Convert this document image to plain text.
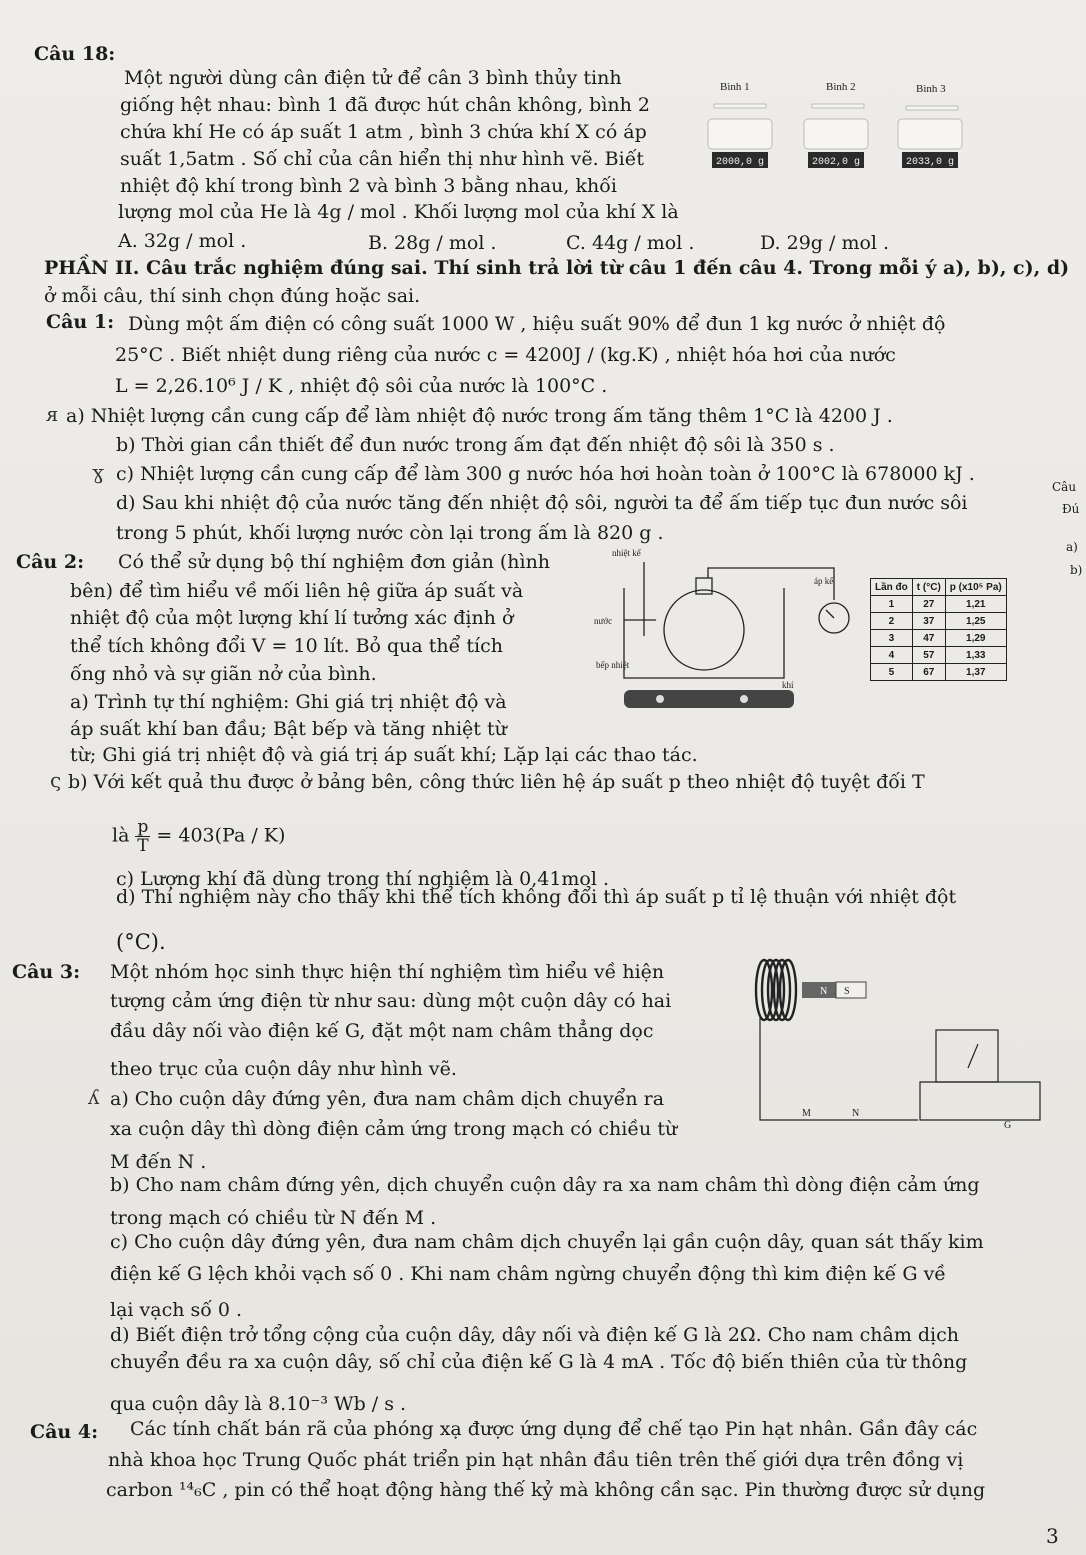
Câu 18:
Một người dùng cân điện tử để cân 3 bình thủy tinh
giống hệt nhau: bình 1 đã được hút chân không, bình 2
chứa khí He có áp suất 1 atm , bình 3 chứa khí X có áp
suất 1,5atm . Số chỉ của cân hiển thị như hình vẽ. Biết
nhiệt độ khí trong bình 2 và bình 3 bằng nhau, khối
lượng mol của He là 4g / mol . Khối lượng mol của khí X là
A. 32g / mol .	B. 28g / mol .	C. 44g / mol .	D. 29g / mol .
Bình 1	Bình 2	Bình 3
2000,0 g	2002,0 g	2033,0 g
PHẦN II. Câu trắc nghiệm đúng sai. Thí sinh trả lời từ câu 1 đến câu 4. Trong mỗi ý a), b), c), d)
ở mỗi câu, thí sinh chọn đúng hoặc sai.
Câu 1: Dùng một ấm điện có công suất 1000 W , hiệu suất 90% để đun 1 kg nước ở nhiệt độ
25°C . Biết nhiệt dung riêng của nước c = 4200J / (kg.K) , nhiệt hóa hơi của nước
L = 2,26.10⁶ J / K , nhiệt độ sôi của nước là 100°C .
ᴙ a) Nhiệt lượng cần cung cấp để làm nhiệt độ nước trong ấm tăng thêm 1°C là 4200 J .
b) Thời gian cần thiết để đun nước trong ấm đạt đến nhiệt độ sôi là 350 s .
ɣ c) Nhiệt lượng cần cung cấp để làm 300 g nước hóa hơi hoàn toàn ở 100°C là 678000 kJ .
d) Sau khi nhiệt độ của nước tăng đến nhiệt độ sôi, người ta để ấm tiếp tục đun nước sôi
trong 5 phút, khối lượng nước còn lại trong ấm là 820 g .
Câu 2: Có thể sử dụng bộ thí nghiệm đơn giản (hình
bên) để tìm hiểu về mối liên hệ giữa áp suất và
nhiệt độ của một lượng khí lí tưởng xác định ở
thể tích không đổi V = 10 lít. Bỏ qua thể tích
ống nhỏ và sự giãn nở của bình.
a) Trình tự thí nghiệm: Ghi giá trị nhiệt độ và
áp suất khí ban đầu; Bật bếp và tăng nhiệt từ
từ; Ghi giá trị nhiệt độ và giá trị áp suất khí; Lặp lại các thao tác.
ς b) Với kết quả thu được ở bảng bên, công thức liên hệ áp suất p theo nhiệt độ tuyệt đối T
là $\frac{p}{T} = 403(Pa / K)$
c) Lượng khí đã dùng trong thí nghiệm là 0,41mol .
d) Thí nghiệm này cho thấy khi thể tích không đổi thì áp suất p tỉ lệ thuận với nhiệt đột
(°C).
nhiệt kế
nước
bếp nhiệt
áp kế
khí
Lần đo	t (°C)	p (x10⁵ Pa)
1	27	1,21
2	37	1,25
3	47	1,29
4	57	1,33
5	67	1,37
Câu 3: Một nhóm học sinh thực hiện thí nghiệm tìm hiểu về hiện
tượng cảm ứng điện từ như sau: dùng một cuộn dây có hai
đầu dây nối vào điện kế G, đặt một nam châm thẳng dọc
theo trục của cuộn dây như hình vẽ.
ʎ a) Cho cuộn dây đứng yên, đưa nam châm dịch chuyển ra
xa cuộn dây thì dòng điện cảm ứng trong mạch có chiều từ
M đến N .
b) Cho nam châm đứng yên, dịch chuyển cuộn dây ra xa nam châm thì dòng điện cảm ứng
trong mạch có chiều từ N đến M .
c) Cho cuộn dây đứng yên, đưa nam châm dịch chuyển lại gần cuộn dây, quan sát thấy kim
điện kế G lệch khỏi vạch số 0 . Khi nam châm ngừng chuyển động thì kim điện kế G về
lại vạch số 0 .
d) Biết điện trở tổng cộng của cuộn dây, dây nối và điện kế G là 2Ω. Cho nam châm dịch
chuyển đều ra xa cuộn dây, số chỉ của điện kế G là 4 mA . Tốc độ biến thiên của từ thông
qua cuộn dây là 8.10⁻³ Wb / s .
N S
M	N
G
Câu 4: Các tính chất bán rã của phóng xạ được ứng dụng để chế tạo Pin hạt nhân. Gần đây các
nhà khoa học Trung Quốc phát triển pin hạt nhân đầu tiên trên thế giới dựa trên đồng vị
carbon ¹⁴₆C , pin có thể hoạt động hàng thế kỷ mà không cần sạc. Pin thường được sử dụng
Câu
Đú
a)
b)
3
